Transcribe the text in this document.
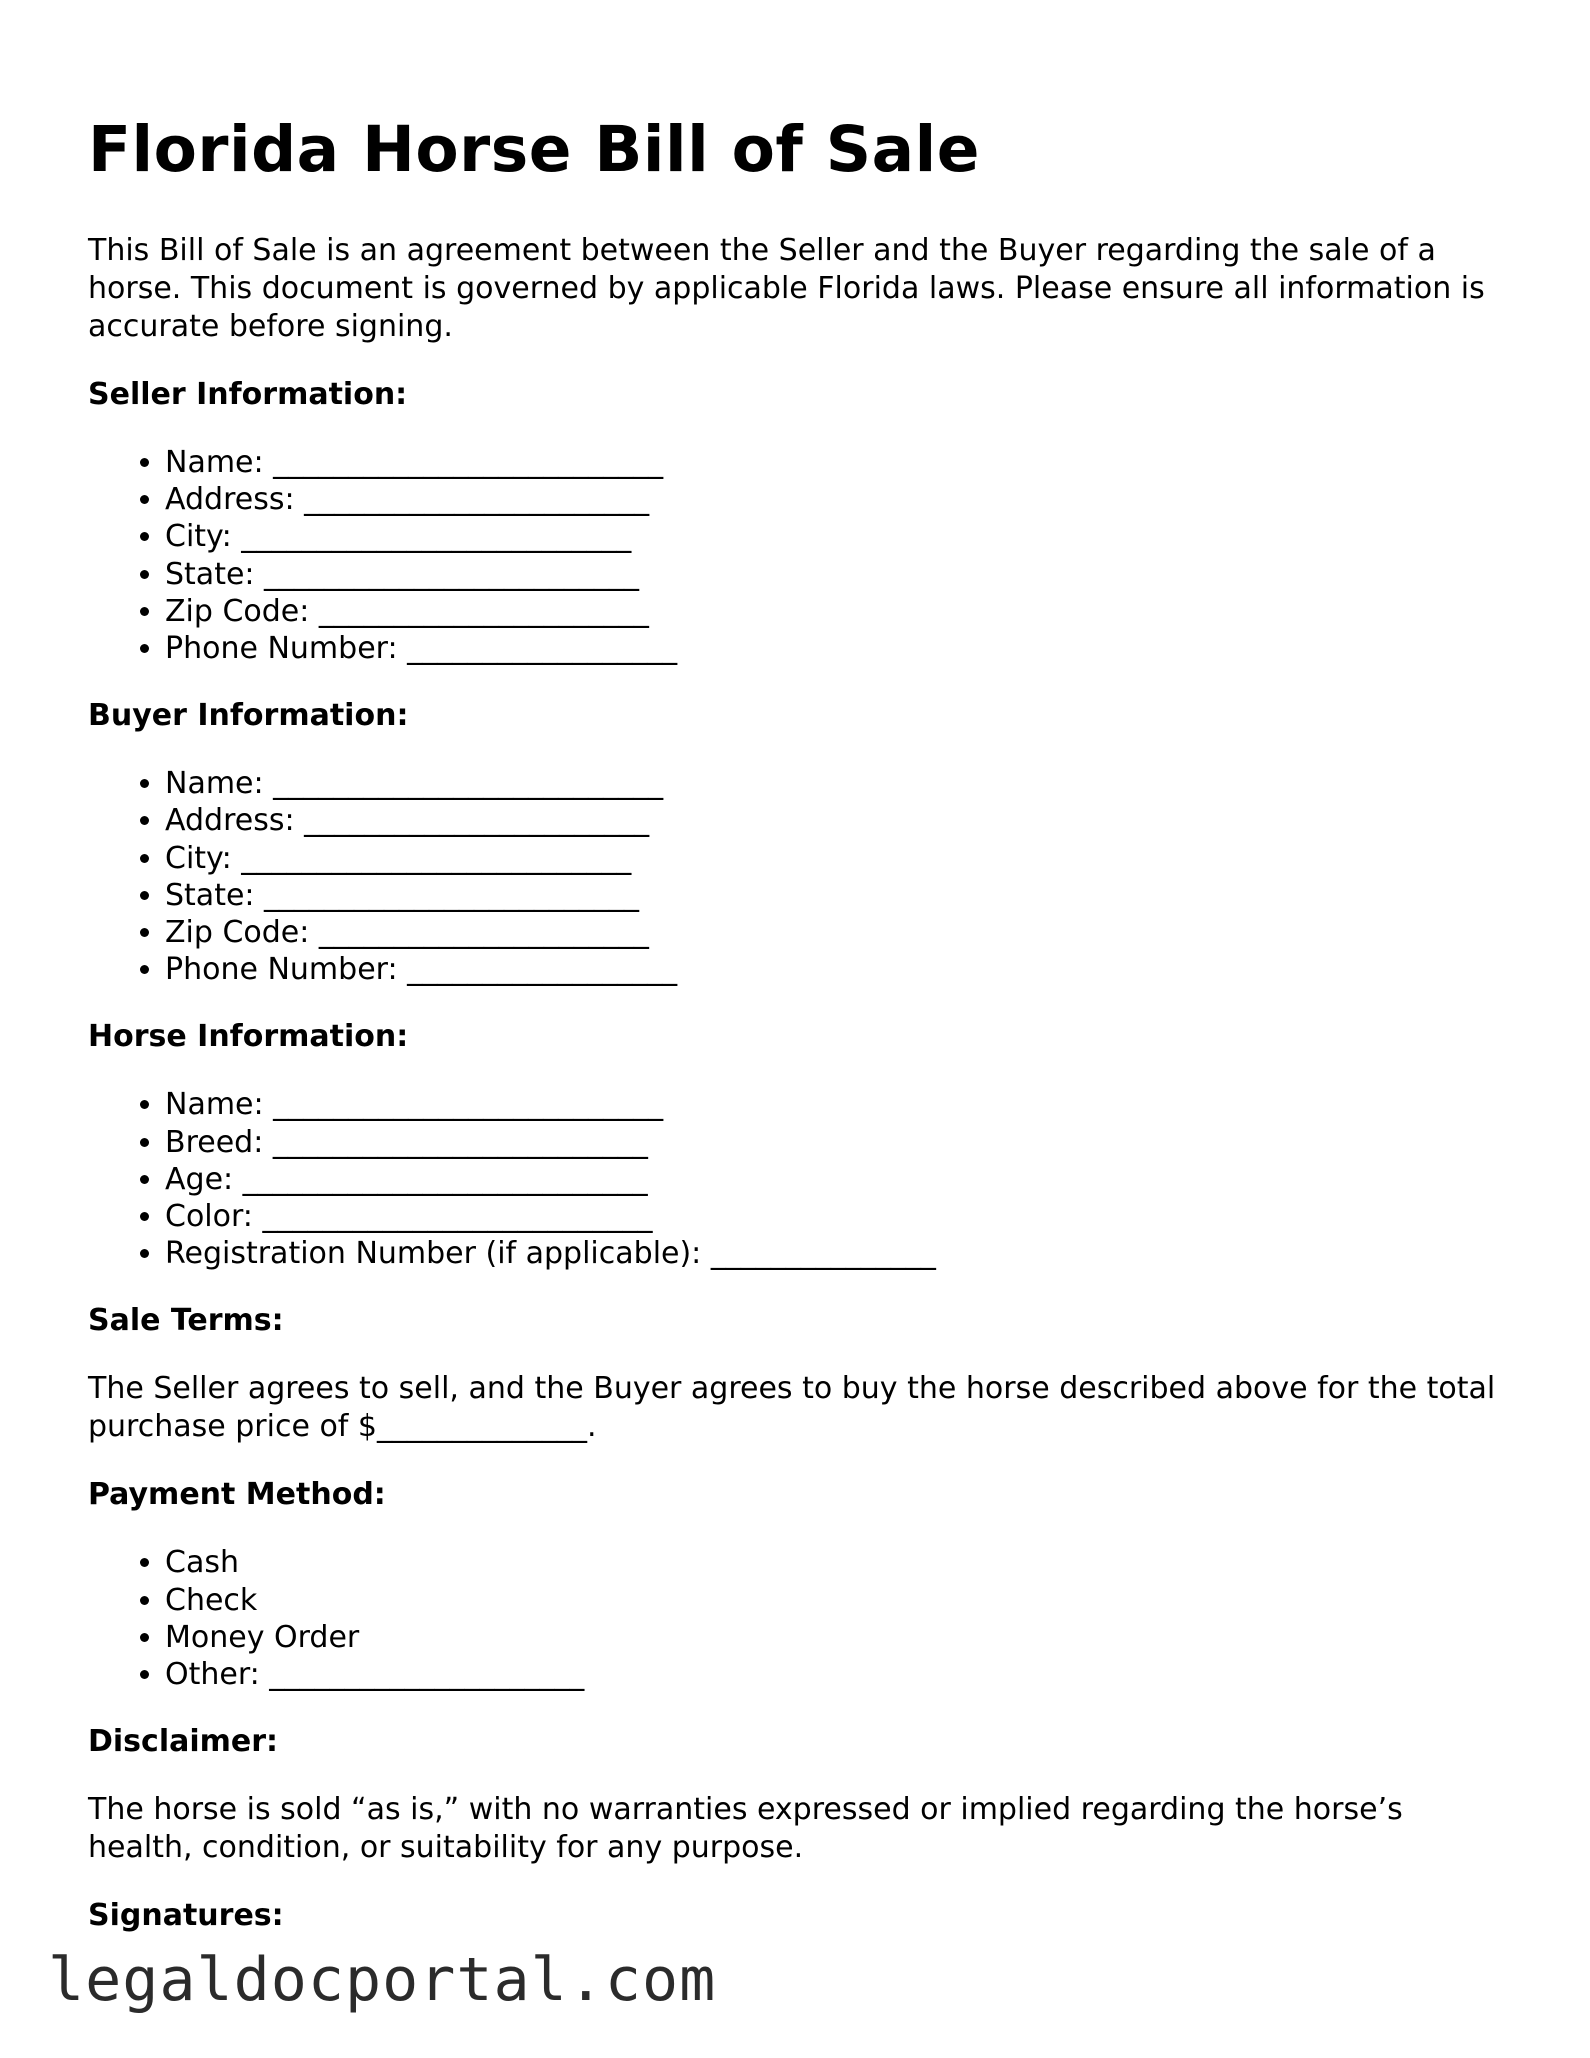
Florida Horse Bill of Sale

This Bill of Sale is an agreement between the Seller and the Buyer regarding the sale of a horse. This document is governed by applicable Florida laws. Please ensure all information is accurate before signing.

Seller Information:

• Name: __________________________
• Address: _______________________
• City: __________________________
• State: _________________________
• Zip Code: ______________________
• Phone Number: __________________

Buyer Information:

• Name: __________________________
• Address: _______________________
• City: __________________________
• State: _________________________
• Zip Code: ______________________
• Phone Number: __________________

Horse Information:

• Name: __________________________
• Breed: _________________________
• Age: ___________________________
• Color: __________________________
• Registration Number (if applicable): _______________

Sale Terms:

The Seller agrees to sell, and the Buyer agrees to buy the horse described above for the total purchase price of $______________.

Payment Method:

• Cash
• Check
• Money Order
• Other: _____________________

Disclaimer:

The horse is sold “as is,” with no warranties expressed or implied regarding the horse’s health, condition, or suitability for any purpose.

Signatures:

legaldocportal.com
